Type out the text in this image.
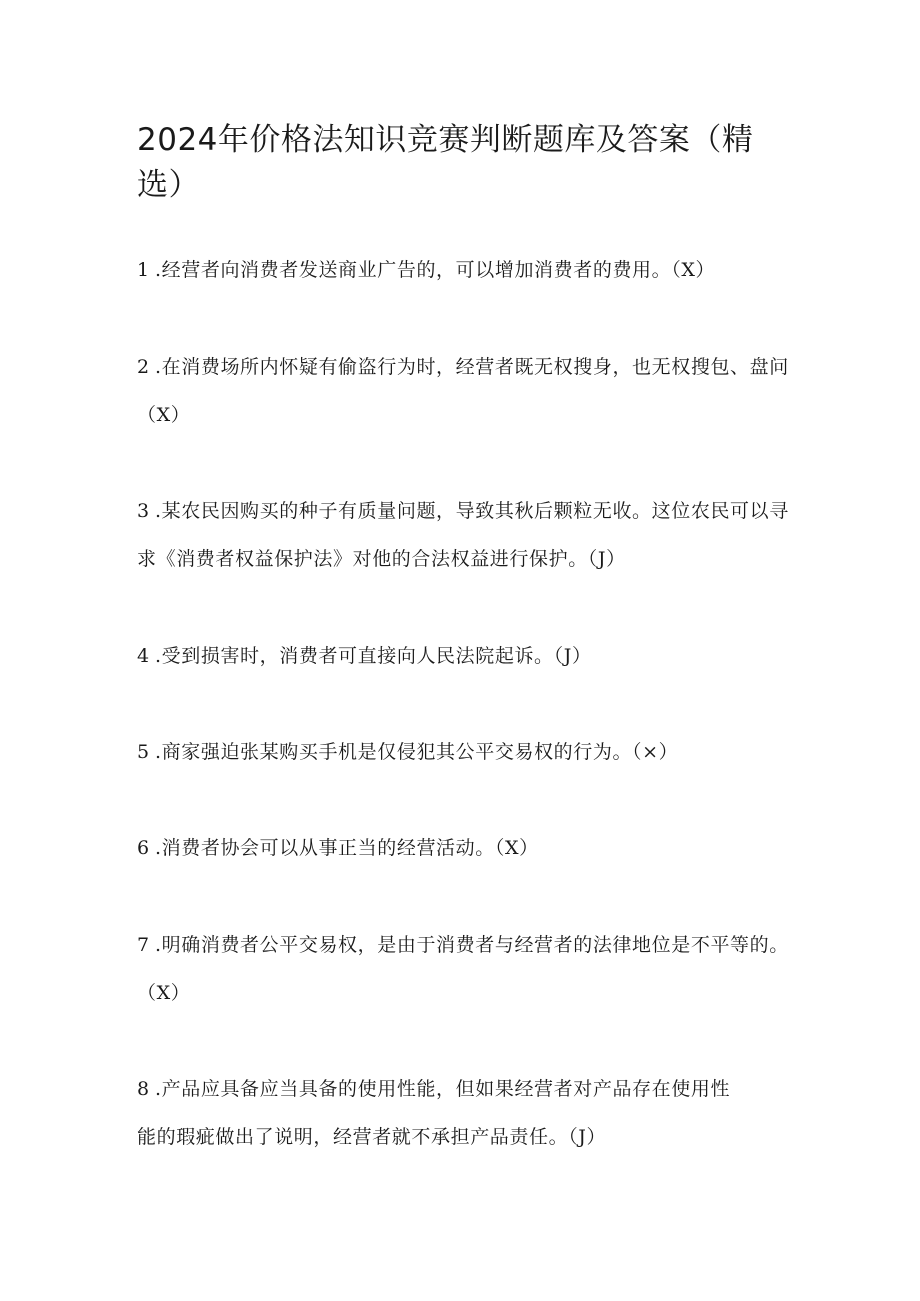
2024年价格法知识竞赛判断题库及答案（精选）
1 .经营者向消费者发送商业广告的，可以增加消费者的费用。（X）
2 .在消费场所内怀疑有偷盗行为时，经营者既无权搜身，也无权搜包、盘问（X）
3 .某农民因购买的种子有质量问题，导致其秋后颗粒无收。这位农民可以寻求《消费者权益保护法》对他的合法权益进行保护。（J）
4 .受到损害时，消费者可直接向人民法院起诉。（J）
5 .商家强迫张某购买手机是仅侵犯其公平交易权的行为。（×）
6 .消费者协会可以从事正当的经营活动。（X）
7 .明确消费者公平交易权，是由于消费者与经营者的法律地位是不平等的。（X）
8 .产品应具备应当具备的使用性能，但如果经营者对产品存在使用性能的瑕疵做出了说明，经营者就不承担产品责任。（J）
